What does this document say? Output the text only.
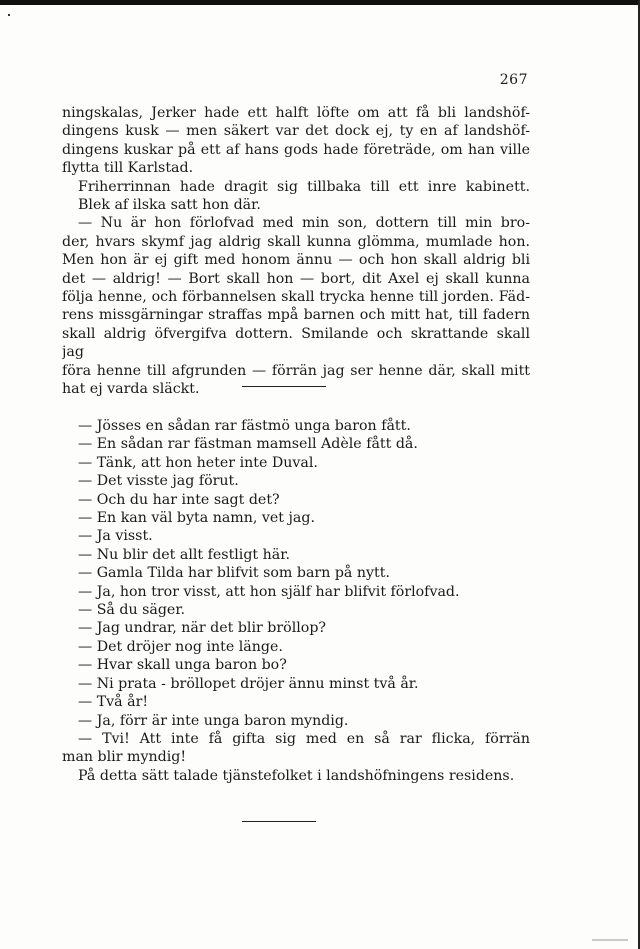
267
ningskalas, Jerker hade ett halft löfte om att få bli landshöf-
dingens kusk — men säkert var det dock ej, ty en af landshöf-
dingens kuskar på ett af hans gods hade företräde, om han ville
flytta till Karlstad.
Friherrinnan hade dragit sig tillbaka till ett inre kabinett.
Blek af ilska satt hon där.
— Nu är hon förlofvad med min son, dottern till min bro-
der, hvars skymf jag aldrig skall kunna glömma, mumlade hon.
Men hon är ej gift med honom ännu — och hon skall aldrig bli
det — aldrig! — Bort skall hon — bort, dit Axel ej skall kunna
följa henne, och förbannelsen skall trycka henne till jorden. Fäd-
rens missgärningar straffas mpå barnen och mitt hat, till fadern
skall aldrig öfvergifva dottern. Smilande och skrattande skall jag
föra henne till afgrunden — förrän jag ser henne där, skall mitt
hat ej varda släckt.
— Jösses en sådan rar fästmö unga baron fått.
— En sådan rar fästman mamsell Adèle fått då.
— Tänk, att hon heter inte Duval.
— Det visste jag förut.
— Och du har inte sagt det?
— En kan väl byta namn, vet jag.
— Ja visst.
— Nu blir det allt festligt här.
— Gamla Tilda har blifvit som barn på nytt.
— Ja, hon tror visst, att hon själf har blifvit förlofvad.
— Så du säger.
— Jag undrar, när det blir bröllop?
— Det dröjer nog inte länge.
— Hvar skall unga baron bo?
— Ni prata - bröllopet dröjer ännu minst två år.
— Två år!
— Ja, förr är inte unga baron myndig.
— Tvi! Att inte få gifta sig med en så rar flicka, förrän
man blir myndig!
På detta sätt talade tjänstefolket i landshöfningens residens.
